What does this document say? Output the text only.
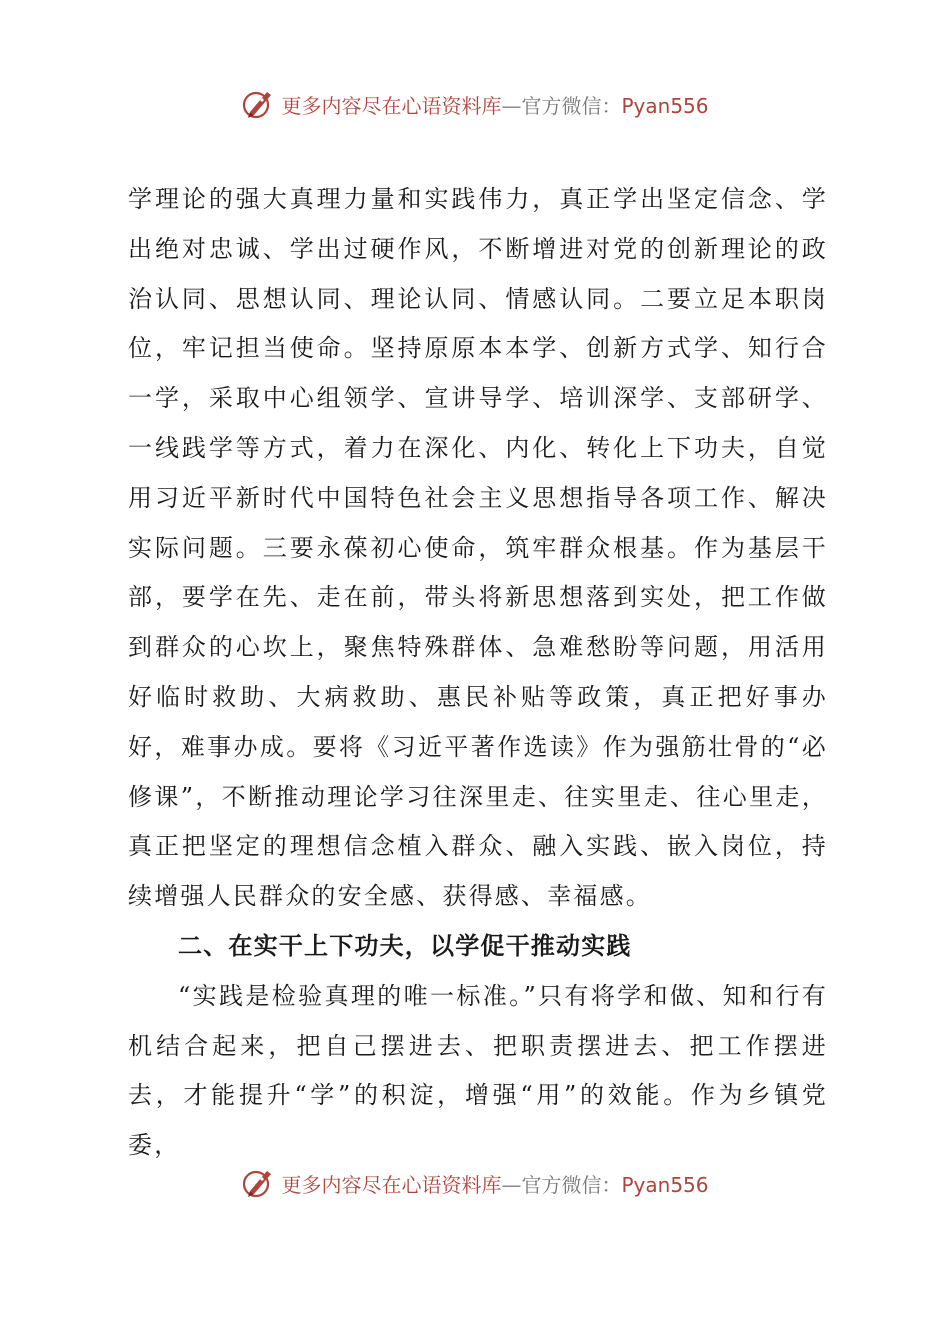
更多内容尽在心语资料库—官方微信：Pyan556

学理论的强大真理力量和实践伟力，真正学出坚定信念、学出绝对忠诚、学出过硬作风，不断增进对党的创新理论的政治认同、思想认同、理论认同、情感认同。二要立足本职岗位，牢记担当使命。坚持原原本本学、创新方式学、知行合一学，采取中心组领学、宣讲导学、培训深学、支部研学、一线践学等方式，着力在深化、内化、转化上下功夫，自觉用习近平新时代中国特色社会主义思想指导各项工作、解决实际问题。三要永葆初心使命，筑牢群众根基。作为基层干部，要学在先、走在前，带头将新思想落到实处，把工作做到群众的心坎上，聚焦特殊群体、急难愁盼等问题，用活用好临时救助、大病救助、惠民补贴等政策，真正把好事办好，难事办成。要将《习近平著作选读》作为强筋壮骨的“必修课”，不断推动理论学习往深里走、往实里走、往心里走，真正把坚定的理想信念植入群众、融入实践、嵌入岗位，持续增强人民群众的安全感、获得感、幸福感。

二、在实干上下功夫，以学促干推动实践

“实践是检验真理的唯一标准。”只有将学和做、知和行有机结合起来，把自己摆进去、把职责摆进去、把工作摆进去，才能提升“学”的积淀，增强“用”的效能。作为乡镇党委，

更多内容尽在心语资料库—官方微信：Pyan556
